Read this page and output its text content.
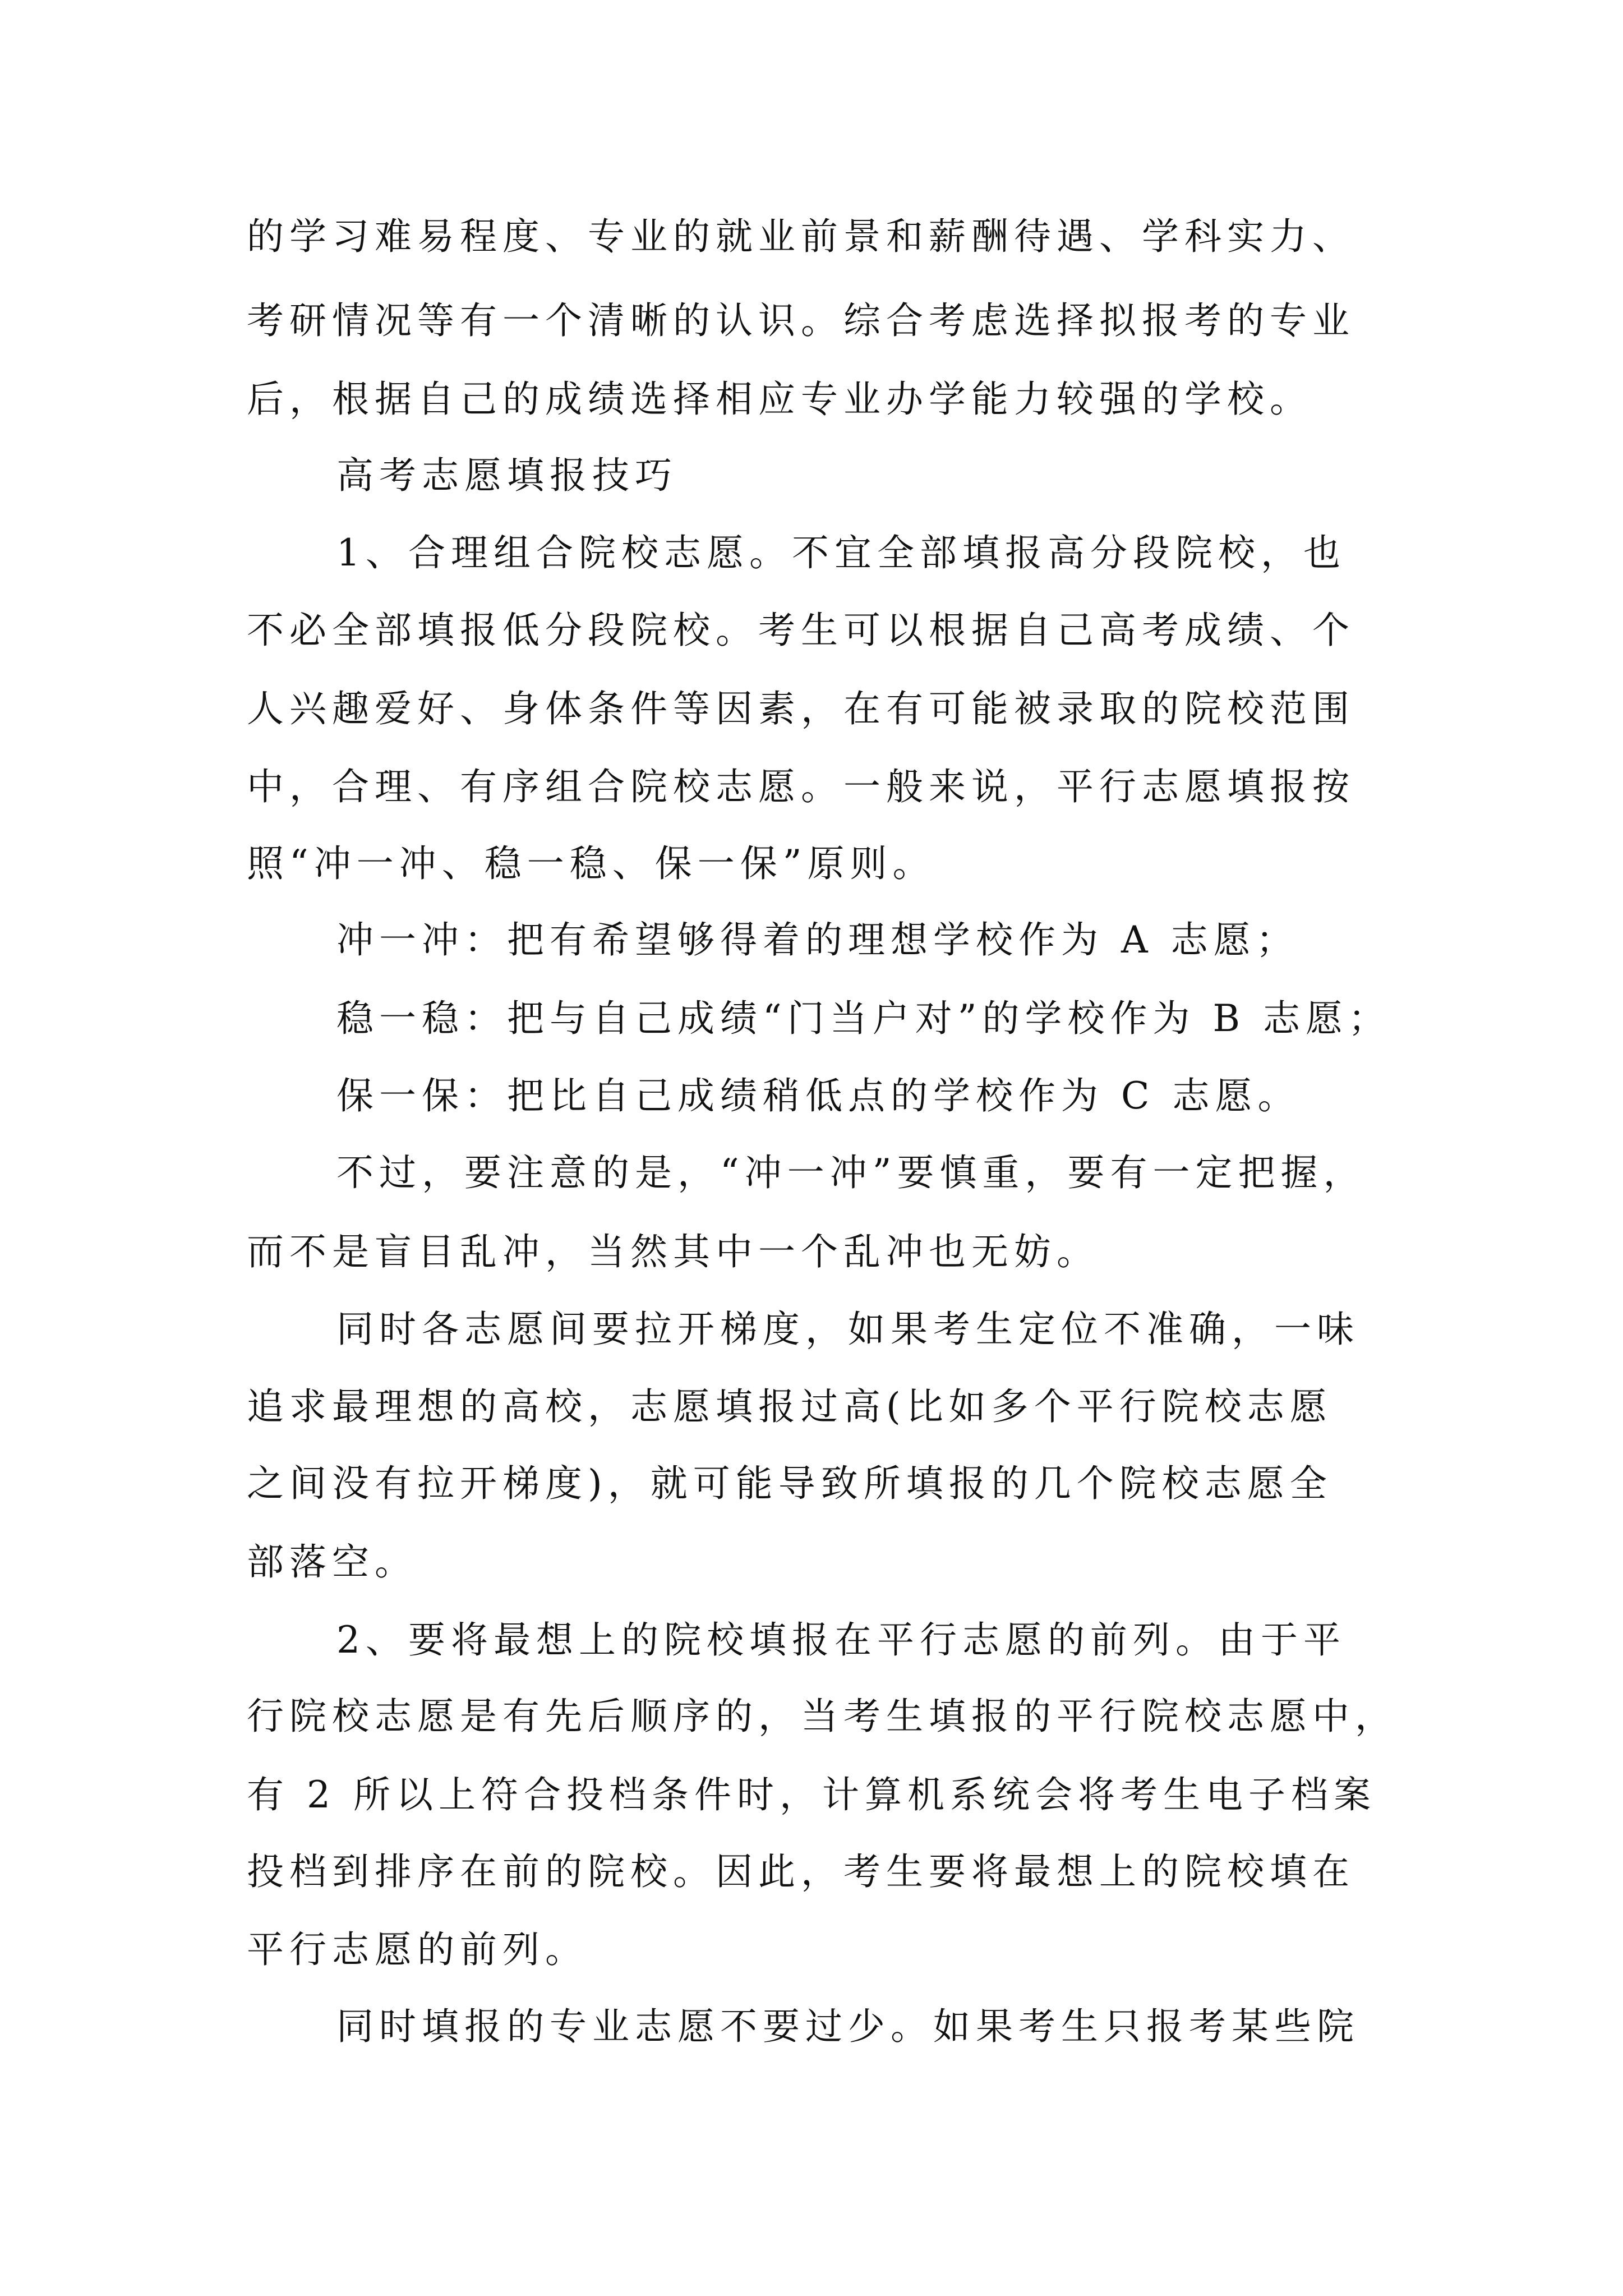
的学习难易程度、专业的就业前景和薪酬待遇、学科实力、
考研情况等有一个清晰的认识。综合考虑选择拟报考的专业
后，根据自己的成绩选择相应专业办学能力较强的学校。
高考志愿填报技巧
1、合理组合院校志愿。不宜全部填报高分段院校，也
不必全部填报低分段院校。考生可以根据自己高考成绩、个
人兴趣爱好、身体条件等因素，在有可能被录取的院校范围
中，合理、有序组合院校志愿。一般来说，平行志愿填报按
照“冲一冲、稳一稳、保一保”原则。
冲一冲：把有希望够得着的理想学校作为 A 志愿；
稳一稳：把与自己成绩“门当户对”的学校作为 B 志愿；
保一保：把比自己成绩稍低点的学校作为 C 志愿。
不过，要注意的是，“冲一冲”要慎重，要有一定把握，
而不是盲目乱冲，当然其中一个乱冲也无妨。
同时各志愿间要拉开梯度，如果考生定位不准确，一味
追求最理想的高校，志愿填报过高(比如多个平行院校志愿
之间没有拉开梯度)，就可能导致所填报的几个院校志愿全
部落空。
2、要将最想上的院校填报在平行志愿的前列。由于平
行院校志愿是有先后顺序的，当考生填报的平行院校志愿中，
有 2 所以上符合投档条件时，计算机系统会将考生电子档案
投档到排序在前的院校。因此，考生要将最想上的院校填在
平行志愿的前列。
同时填报的专业志愿不要过少。如果考生只报考某些院
